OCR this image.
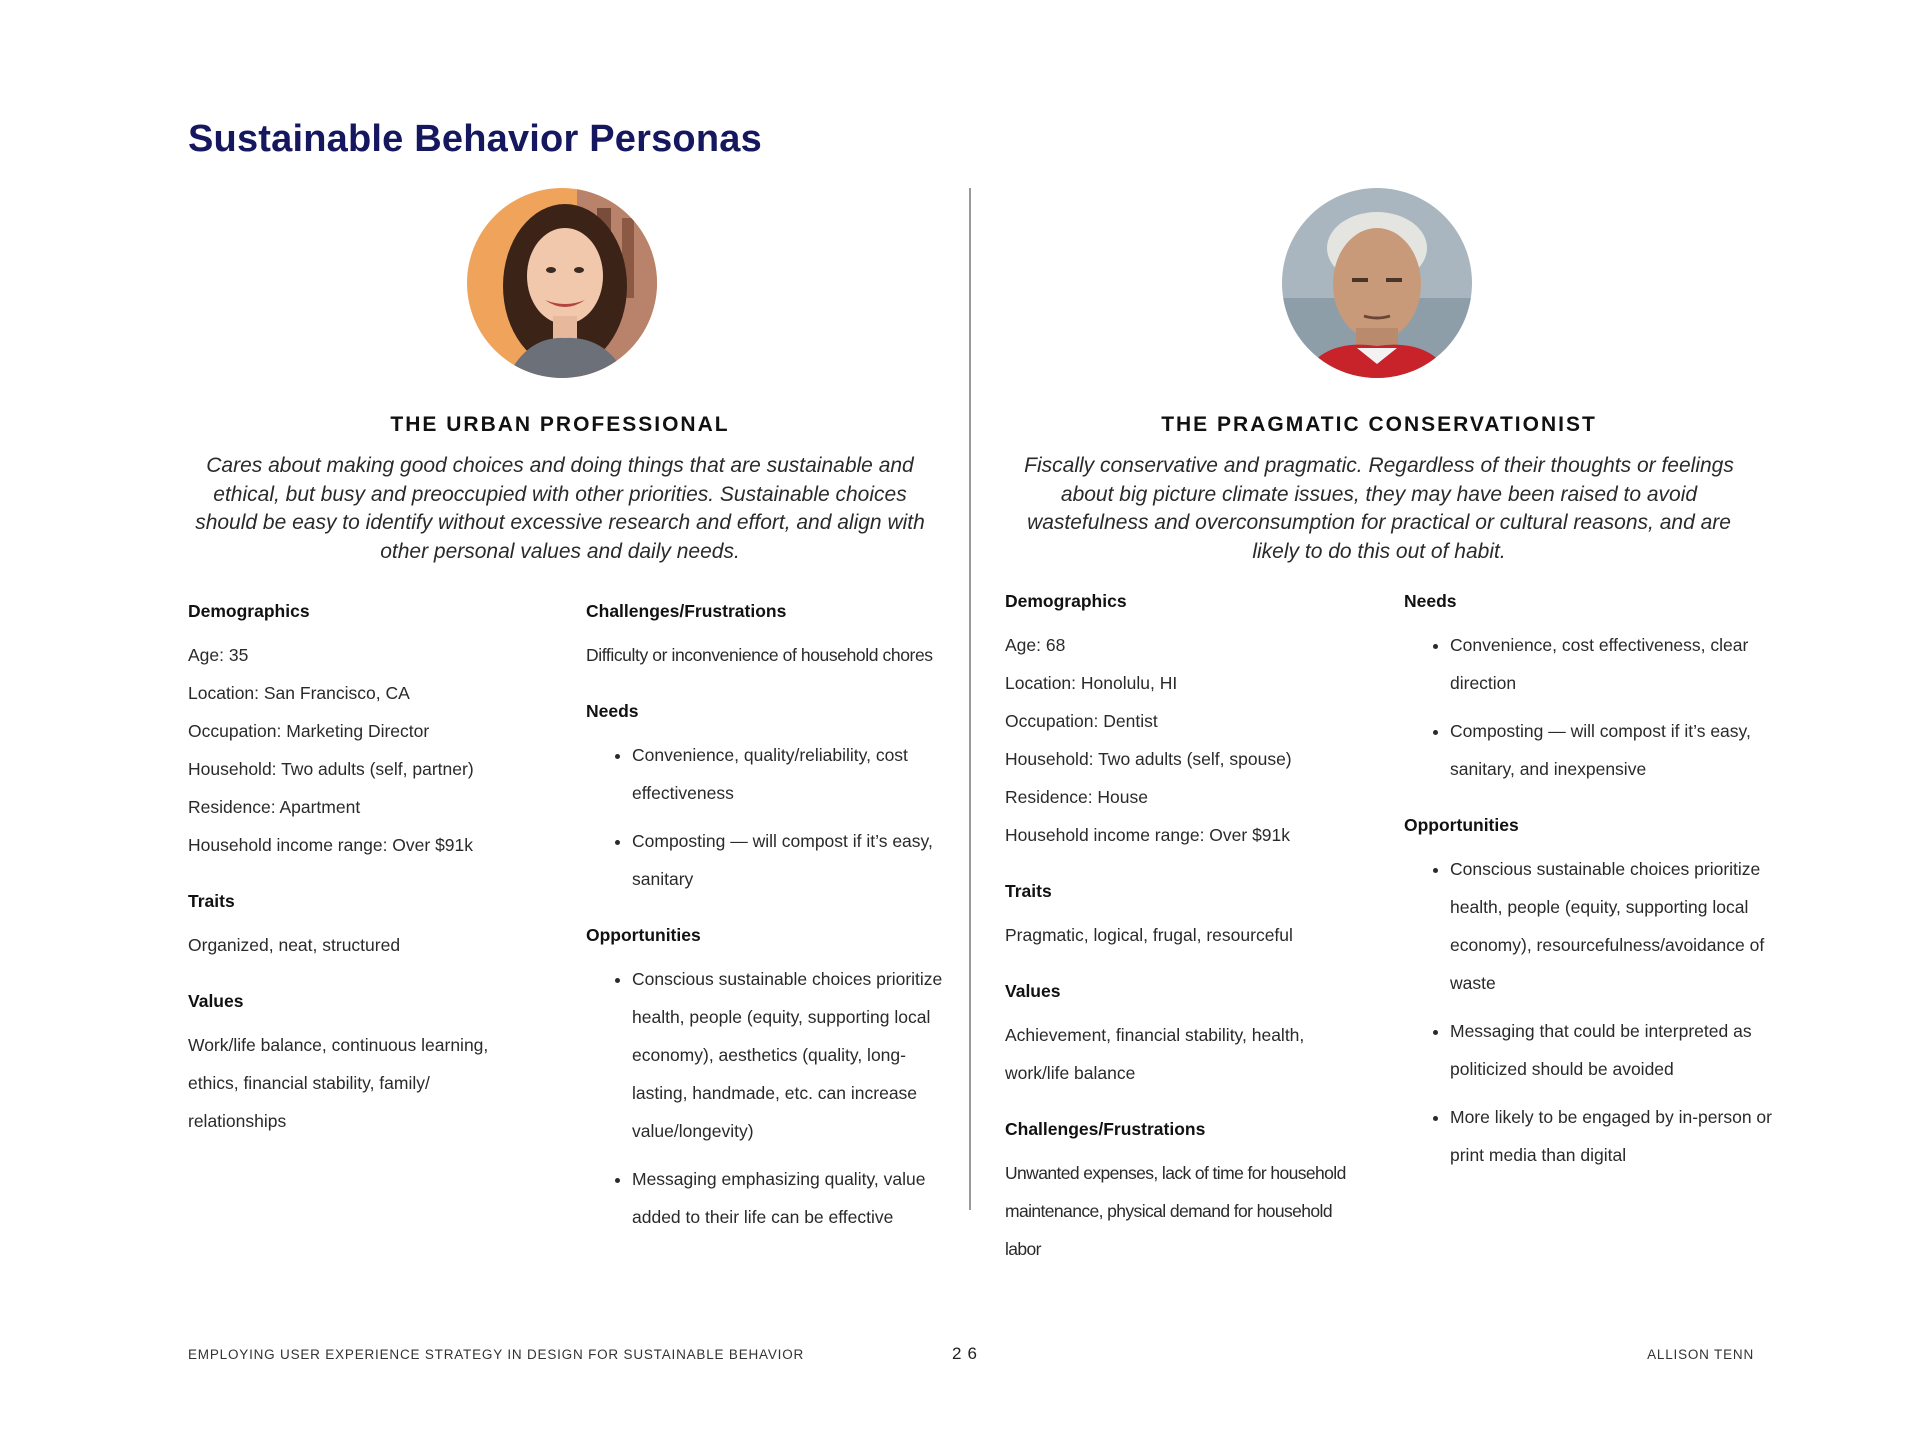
Sustainable Behavior Personas
THE URBAN PROFESSIONAL

Cares about making good choices and doing things that are sustainable and ethical, but busy and preoccupied with other priorities. Sustainable choices should be easy to identify without excessive research and effort, and align with other personal values and daily needs.

Demographics

Age: 35

Location: San Francisco, CA

Occupation: Marketing Director

Household: Two adults (self, partner)

Residence: Apartment

Household income range: Over $91k

Traits

Organized, neat, structured

Values

Work/life balance, continuous learning, ethics, financial stability, family/ relationships

Challenges/Frustrations

Difficulty or inconvenience of household chores

Needs
• Convenience, quality/reliability, cost effectiveness
• Composting — will compost if it’s easy, sanitary
Opportunities
• Conscious sustainable choices prioritize health, people (equity, supporting local economy), aesthetics (quality, long-lasting, handmade, etc. can increase value/longevity)
• Messaging emphasizing quality, value added to their life can be effective
THE PRAGMATIC CONSERVATIONIST

Fiscally conservative and pragmatic. Regardless of their thoughts or feelings about big picture climate issues, they may have been raised to avoid wastefulness and overconsumption for practical or cultural reasons, and are likely to do this out of habit.

Demographics

Age: 68

Location: Honolulu, HI

Occupation: Dentist

Household: Two adults (self, spouse)

Residence: House

Household income range: Over $91k

Traits

Pragmatic, logical, frugal, resourceful

Values

Achievement, financial stability, health, work/life balance

Challenges/Frustrations

Unwanted expenses, lack of time for household maintenance, physical demand for household labor

Needs
• Convenience, cost effectiveness, clear direction
• Composting — will compost if it’s easy, sanitary, and inexpensive
Opportunities
• Conscious sustainable choices prioritize health, people (equity, supporting local economy), resourcefulness/avoidance of waste
• Messaging that could be interpreted as politicized should be avoided
• More likely to be engaged by in-person or print media than digital
EMPLOYING USER EXPERIENCE STRATEGY IN DESIGN FOR SUSTAINABLE BEHAVIOR	26	ALLISON TENN
